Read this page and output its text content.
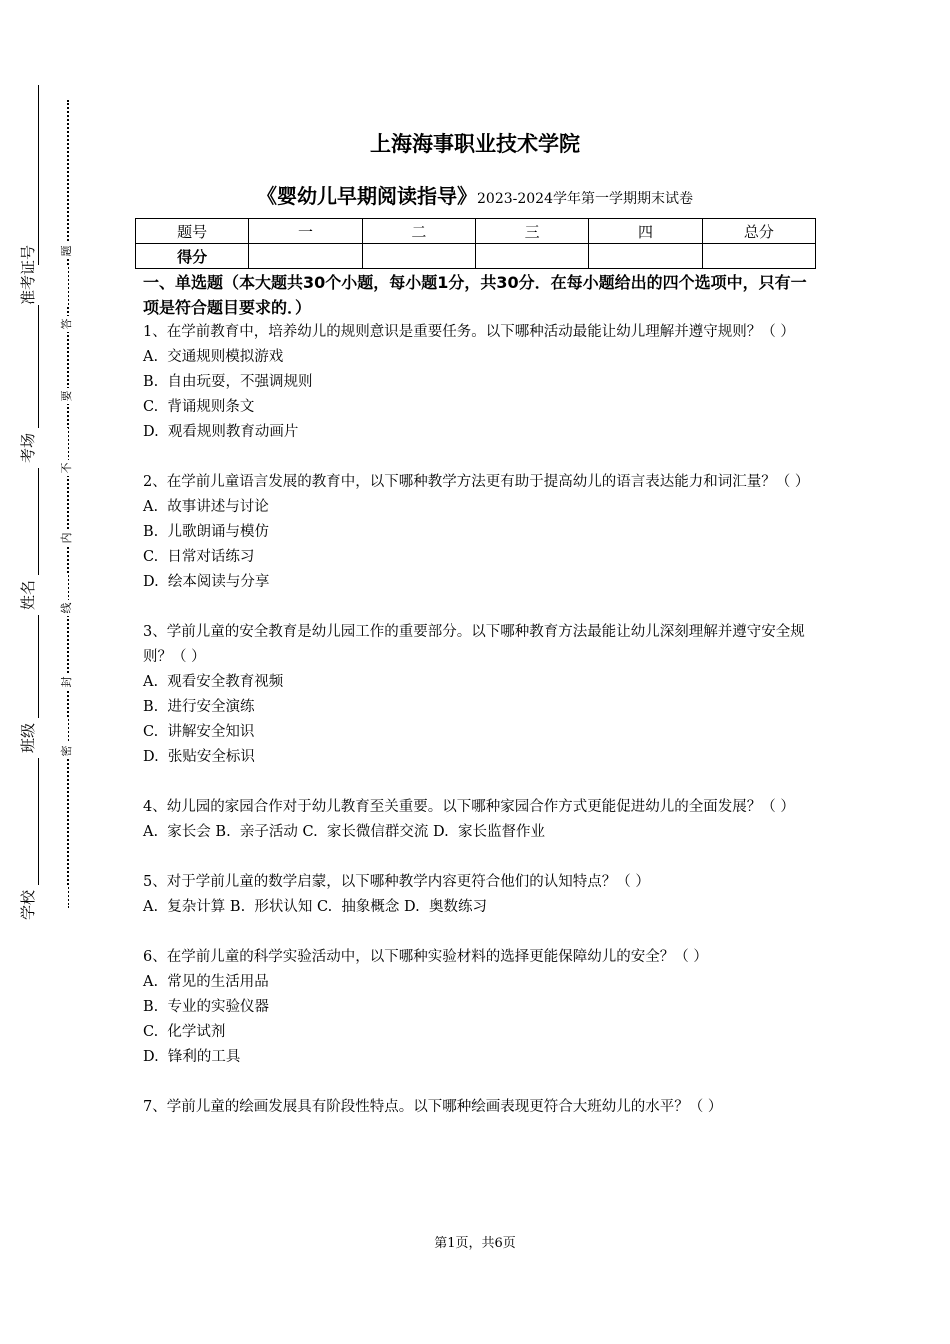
准考证号
考场
姓名
班级
学校
题
答
要
不
内
线
封
密
上海海事职业技术学院
《婴幼儿早期阅读指导》2023-2024学年第一学期期末试卷
题号	一	二	三	四	总分
得分					
一、单选题（本大题共30个小题，每小题1分，共30分．在每小题给出的四个选项中，只有一项是符合题目要求的．）

1、在学前教育中，培养幼儿的规则意识是重要任务。以下哪种活动最能让幼儿理解并遵守规则？（ ）

A.  交通规则模拟游戏

B.  自由玩耍，不强调规则

C.  背诵规则条文

D.  观看规则教育动画片

2、在学前儿童语言发展的教育中，以下哪种教学方法更有助于提高幼儿的语言表达能力和词汇量？（ ）

A.  故事讲述与讨论

B.  儿歌朗诵与模仿

C.  日常对话练习

D.  绘本阅读与分享

3、学前儿童的安全教育是幼儿园工作的重要部分。以下哪种教育方法最能让幼儿深刻理解并遵守安全规则？（ ）

A.  观看安全教育视频

B.  进行安全演练

C.  讲解安全知识

D.  张贴安全标识

4、幼儿园的家园合作对于幼儿教育至关重要。以下哪种家园合作方式更能促进幼儿的全面发展？（ ）

A.  家长会 B.  亲子活动 C.  家长微信群交流 D.  家长监督作业

5、对于学前儿童的数学启蒙，以下哪种教学内容更符合他们的认知特点？（ ）

A.  复杂计算 B.  形状认知 C.  抽象概念 D.  奥数练习

6、在学前儿童的科学实验活动中，以下哪种实验材料的选择更能保障幼儿的安全？（ ）

A.  常见的生活用品

B.  专业的实验仪器

C.  化学试剂

D.  锋利的工具

7、学前儿童的绘画发展具有阶段性特点。以下哪种绘画表现更符合大班幼儿的水平？（ ）

第1页，共6页
